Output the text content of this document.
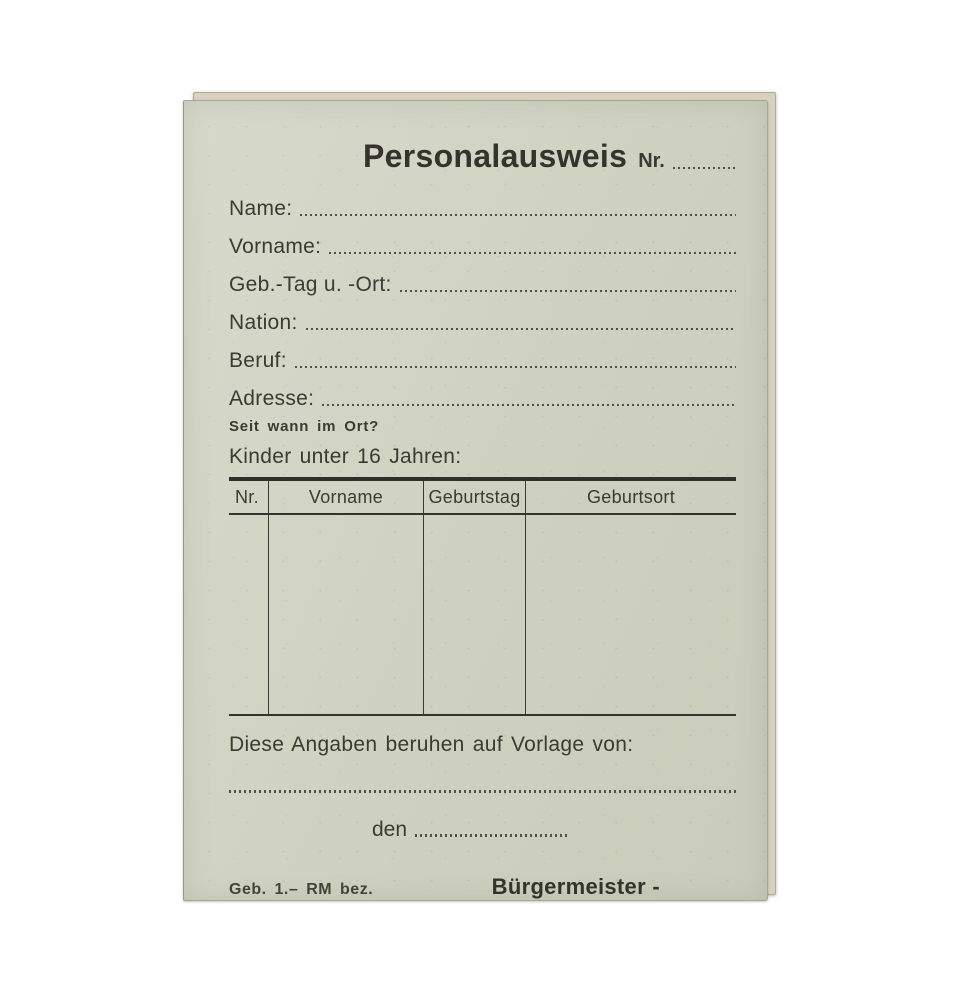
Personalausweis Nr.
Name:
Vorname:
Geb.-Tag u. -Ort:
Nation:
Beruf:
Adresse:
Seit wann im Ort?
Kinder unter 16 Jahren:
Nr.	Vorname	Geburtstag	Geburtsort
Diese Angaben beruhen auf Vorlage von:
den
Geb. 1.– RM bez.	Bürgermeister -
